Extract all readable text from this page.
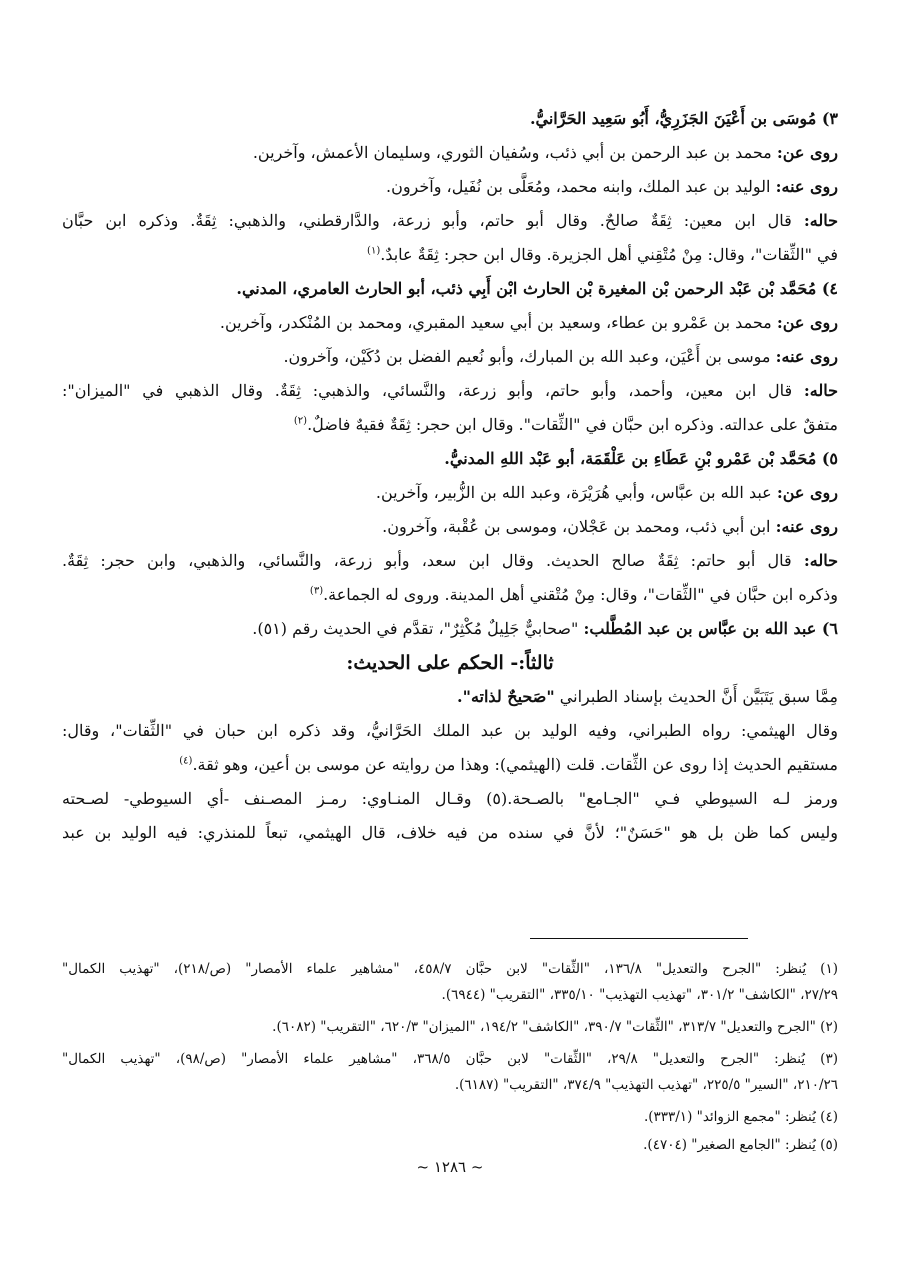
٣) مُوسَى بن أَعْيَنَ الجَزَرِيُّ، أَبُو سَعِيد الحَرَّانيُّ.
روى عن: محمد بن عبد الرحمن بن أبي ذئب، وسُفيان الثوري، وسليمان الأعمش، وآخرين.
روى عنه: الوليد بن عبد الملك، وابنه محمد، ومُعَلَّى بن نُفَيل، وآخرون.
حاله: قال ابن معين: ثِقَةٌ صالحٌ. وقال أبو حاتم، وأبو زرعة، والدَّارقطني، والذهبي: ثِقَةٌ. وذكره ابن حبَّان
في "الثِّقات"، وقال: مِنْ مُتْقِني أهل الجزيرة. وقال ابن حجر: ثِقَةٌ عابدٌ.$^{(١)}$
٤) مُحَمَّد بْن عَبْد الرحمن بْن المغيرة بْن الحارث ابْن أَبِي ذئب، أبو الحارث العامري، المدني.
روى عن: محمد بن عَمْرو بن عطاء، وسعيد بن أبي سعيد المقبري، ومحمد بن المُنْكدر، وآخرين.
روى عنه: موسى بن أَعْيَن، وعبد الله بن المبارك، وأبو نُعيم الفضل بن دُكَيْن، وآخرون.
حاله: قال ابن معين، وأحمد، وأبو حاتم، وأبو زرعة، والنَّسائي، والذهبي: ثِقَةٌ. وقال الذهبي في "الميزان":
متفقٌ على عدالته. وذكره ابن حبَّان في "الثِّقات". وقال ابن حجر: ثِقَةٌ فقيهٌ فاضلٌ.$^{(٢)}$
٥) مُحَمَّد بْن عَمْرو بْنِ عَطَاءِ بن عَلْقَمَة، أبو عَبْد اللهِ المدنيُّ.
روى عن: عبد الله بن عبَّاس، وأبي هُرَيْرَة، وعبد الله بن الزُّبير، وآخرين.
روى عنه: ابن أبي ذئب، ومحمد بن عَجْلان، وموسى بن عُقْبة، وآخرون.
حاله: قال أبو حاتم: ثِقَةٌ صالح الحديث. وقال ابن سعد، وأبو زرعة، والنَّسائي، والذهبي، وابن حجر: ثِقَةٌ.
وذكره ابن حبَّان في "الثِّقات"، وقال: مِنْ مُتْقني أهل المدينة. وروى له الجماعة.$^{(٣)}$
٦) عبد الله بن عبَّاس بن عبد المُطَّلب: "صحابيٌّ جَلِيلٌ مُكْثِرٌ"، تقدَّم في الحديث رقم (٥١).
ثالثاً:- الحكم على الحديث:
مِمَّا سبق يَتَبَيَّن أَنَّ الحديث بإسناد الطبراني "صَحيحٌ لذاته".
وقال الهيثمي: رواه الطبراني، وفيه الوليد بن عبد الملك الحَرَّانيُّ، وقد ذكره ابن حبان في "الثِّقات"، وقال:
مستقيم الحديث إذا روى عن الثِّقات. قلت (الهيثمي): وهذا من روايته عن موسى بن أعين، وهو ثقة.$^{(٤)}$
ورمز لـه السيوطي فـي "الجـامع" بالصـحة.(٥) وقـال المنـاوي: رمـز المصـنف -أي السيوطي- لصـحته
وليس كما ظن بل هو "حَسَنٌ"؛ لأنَّ في سنده من فيه خلاف، قال الهيثمي، تبعاً للمنذري: فيه الوليد بن عبد
(١) يُنظر: "الجرح والتعديل" ١٣٦/٨، "الثِّقات" لابن حبَّان ٤٥٨/٧، "مشاهير علماء الأمصار" (ص/٢١٨)، "تهذيب الكمال"
٢٧/٢٩، "الكاشف" ٣٠١/٢، "تهذيب التهذيب" ٣٣٥/١٠، "التقريب" (٦٩٤٤).
(٢) "الجرح والتعديل" ٣١٣/٧، "الثِّقات" ٣٩٠/٧، "الكاشف" ١٩٤/٢، "الميزان" ٦٢٠/٣، "التقريب" (٦٠٨٢).
(٣) يُنظر: "الجرح والتعديل" ٢٩/٨، "الثِّقات" لابن حبَّان ٣٦٨/٥، "مشاهير علماء الأمصار" (ص/٩٨)، "تهذيب الكمال"
٢١٠/٢٦، "السير" ٢٢٥/٥، "تهذيب التهذيب" ٣٧٤/٩، "التقريب" (٦١٨٧).
(٤) يُنظر: "مجمع الزوائد" (٣٣٣/١).
(٥) يُنظر: "الجامع الصغير" (٤٧٠٤).
~ ١٢٨٦ ~
